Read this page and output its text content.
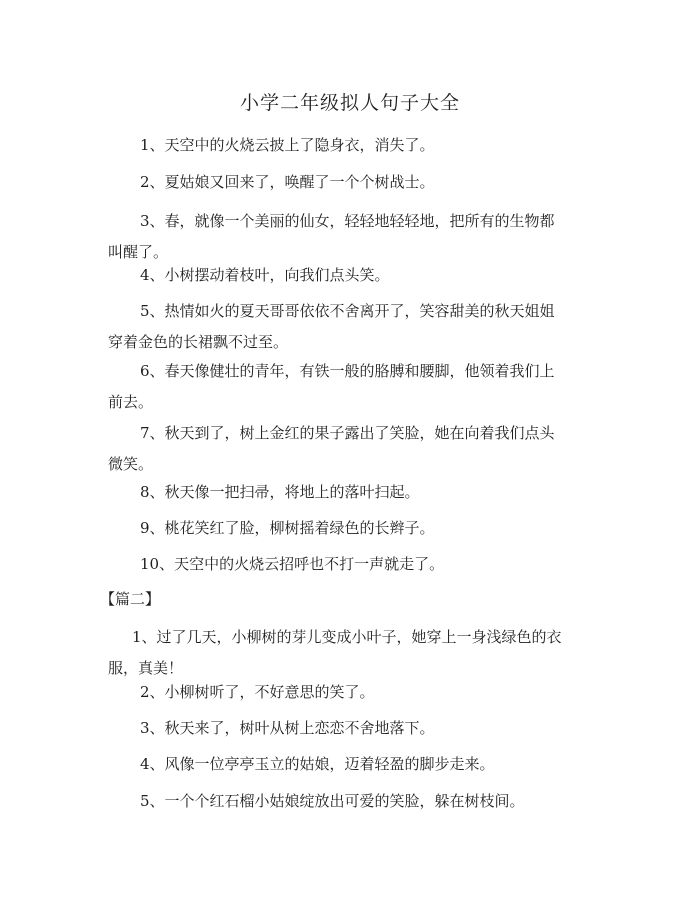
小学二年级拟人句子大全

1、天空中的火烧云披上了隐身衣，消失了。

2、夏姑娘又回来了，唤醒了一个个树战士。

3、春，就像一个美丽的仙女，轻轻地轻轻地，把所有的生物都叫醒了。

4、小树摆动着枝叶，向我们点头笑。

5、热情如火的夏天哥哥依依不舍离开了，笑容甜美的秋天姐姐穿着金色的长裙飘不过至。

6、春天像健壮的青年，有铁一般的胳膊和腰脚，他领着我们上前去。

7、秋天到了，树上金红的果子露出了笑脸，她在向着我们点头微笑。

8、秋天像一把扫帚，将地上的落叶扫起。

9、桃花笑红了脸，柳树摇着绿色的长辫子。

10、天空中的火烧云招呼也不打一声就走了。

【篇二】

1、过了几天，小柳树的芽儿变成小叶子，她穿上一身浅绿色的衣服，真美！

2、小柳树听了，不好意思的笑了。

3、秋天来了，树叶从树上恋恋不舍地落下。

4、风像一位亭亭玉立的姑娘，迈着轻盈的脚步走来。

5、一个个红石榴小姑娘绽放出可爱的笑脸，躲在树枝间。
